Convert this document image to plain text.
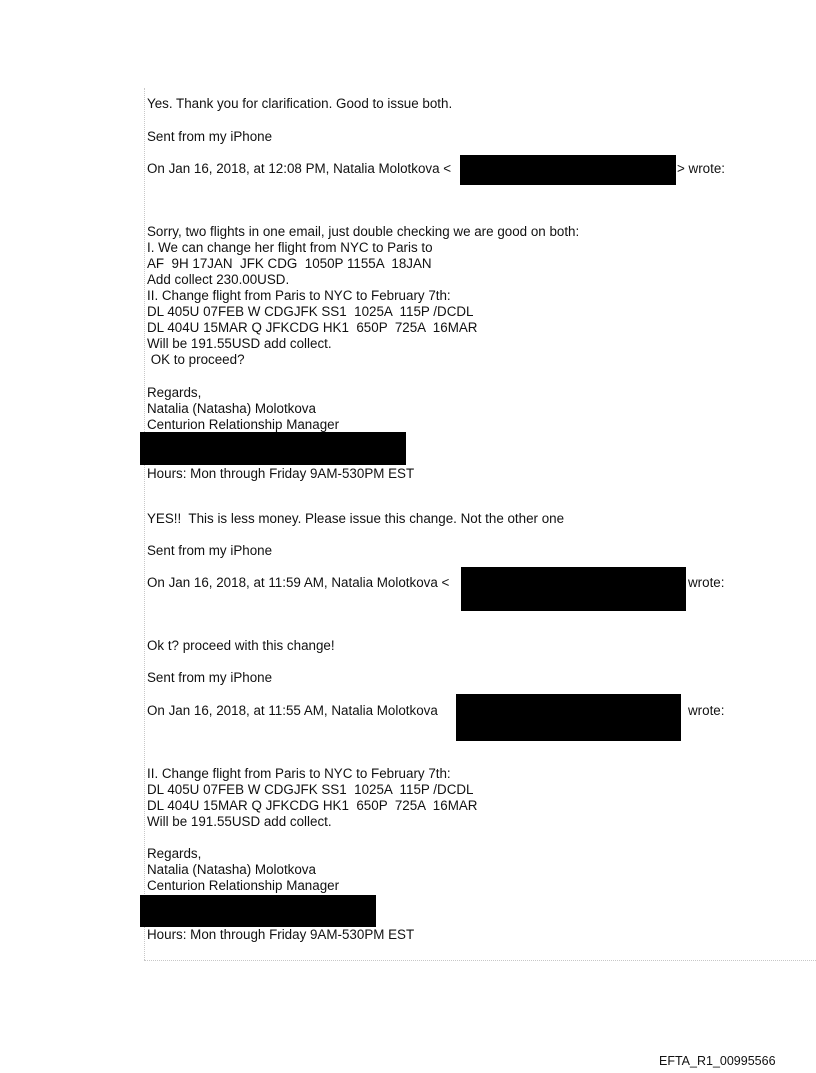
Yes. Thank you for clarification. Good to issue both.
Sent from my iPhone
On Jan 16, 2018, at 12:08 PM, Natalia Molotkova <	> wrote:
Sorry, two flights in one email, just double checking we are good on both:
I. We can change her flight from NYC to Paris to
AF  9H 17JAN  JFK CDG  1050P 1155A  18JAN
Add collect 230.00USD.
II. Change flight from Paris to NYC to February 7th:
DL 405U 07FEB W CDGJFK SS1  1025A  115P /DCDL
DL 404U 15MAR Q JFKCDG HK1  650P  725A  16MAR
Will be 191.55USD add collect.
OK to proceed?
Regards,
Natalia (Natasha) Molotkova
Centurion Relationship Manager
Hours: Mon through Friday 9AM-530PM EST
YES!!  This is less money. Please issue this change. Not the other one
Sent from my iPhone
On Jan 16, 2018, at 11:59 AM, Natalia Molotkova <	wrote:
Ok t? proceed with this change!
Sent from my iPhone
On Jan 16, 2018, at 11:55 AM, Natalia Molotkova	wrote:
II. Change flight from Paris to NYC to February 7th:
DL 405U 07FEB W CDGJFK SS1  1025A  115P /DCDL
DL 404U 15MAR Q JFKCDG HK1  650P  725A  16MAR
Will be 191.55USD add collect.
Regards,
Natalia (Natasha) Molotkova
Centurion Relationship Manager
Hours: Mon through Friday 9AM-530PM EST
EFTA_R1_00995566
